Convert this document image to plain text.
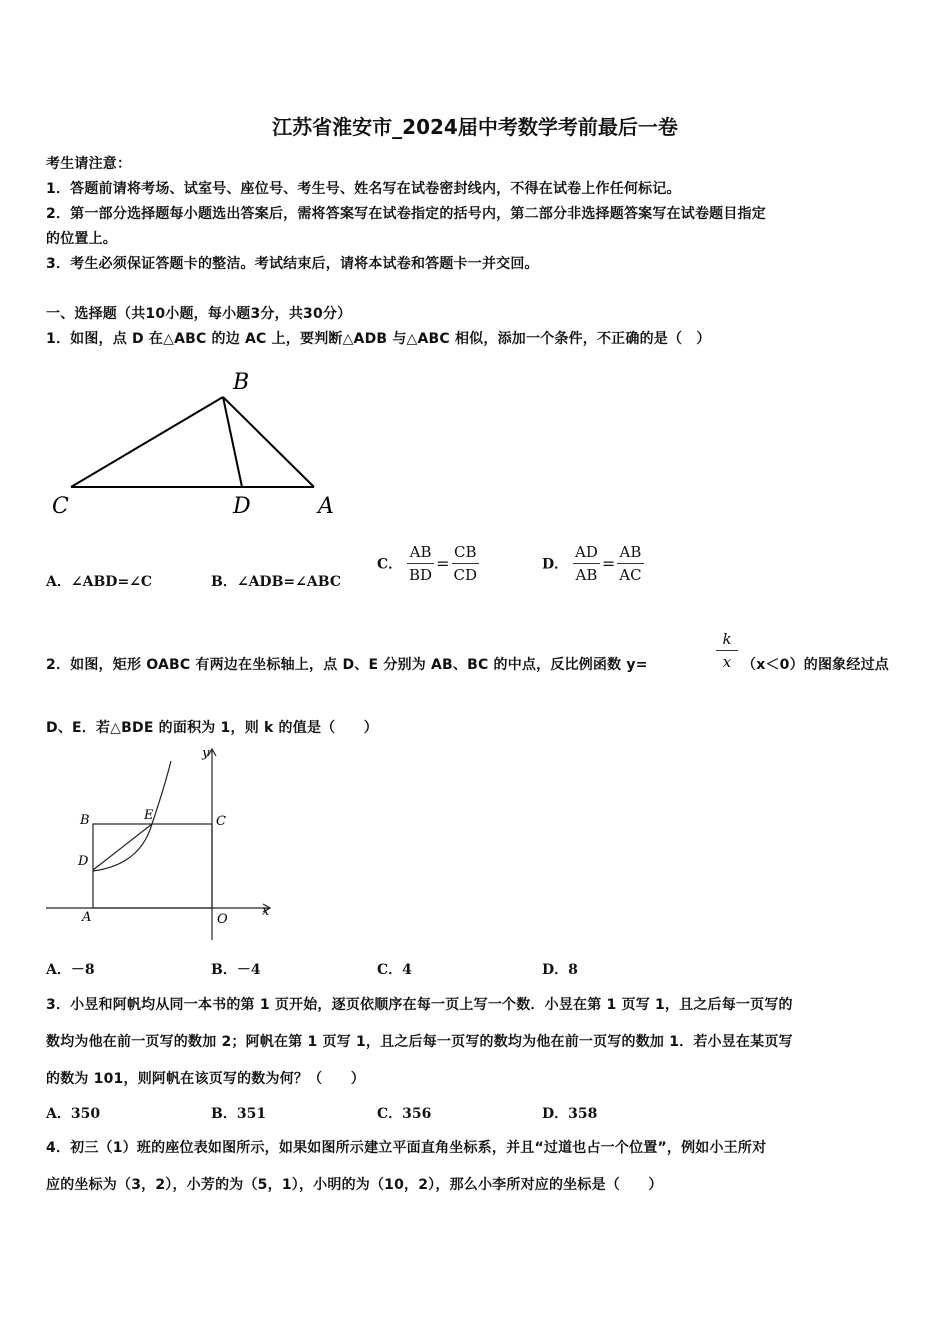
江苏省淮安市_2024届中考数学考前最后一卷
考生请注意：
1．答题前请将考场、试室号、座位号、考生号、姓名写在试卷密封线内，不得在试卷上作任何标记。
2．第一部分选择题每小题选出答案后，需将答案写在试卷指定的括号内，第二部分非选择题答案写在试卷题目指定
的位置上。
3．考生必须保证答题卡的整洁。考试结束后，请将本试卷和答题卡一并交回。
一、选择题（共10小题，每小题3分，共30分）
1．如图，点 D 在△ABC 的边 AC 上，要判断△ADB 与△ABC 相似，添加一个条件，不正确的是（　）
B
C	D	A
A．∠ABD=∠C	B．∠ADB=∠ABC
C． $\frac{AB}{BD} = \frac{CB}{CD}$	D． $\frac{AD}{AB} = \frac{AB}{AC}$
2．如图，矩形 OABC 有两边在坐标轴上，点 D、E 分别为 AB、BC 的中点，反比例函数 y=	$\frac{k}{x} (x<0)$的图象经过点
D、E．若△BDE 的面积为 1，则 k 的值是（　　）
y
x
B	E	C
D
A	O
A．－8	B．－4	C．4	D．8
3．小昱和阿帆均从同一本书的第 1 页开始，逐页依顺序在每一页上写一个数．小昱在第 1 页写 1，且之后每一页写的
数均为他在前一页写的数加 2；阿帆在第 1 页写 1，且之后每一页写的数均为他在前一页写的数加 1．若小昱在某页写
的数为 101，则阿帆在该页写的数为何？（　　）
A．350	B．351	C．356	D．358
4．初三（1）班的座位表如图所示，如果如图所示建立平面直角坐标系，并且“过道也占一个位置”，例如小王所对
应的坐标为（3，2），小芳的为（5，1），小明的为（10，2），那么小李所对应的坐标是（　　）
